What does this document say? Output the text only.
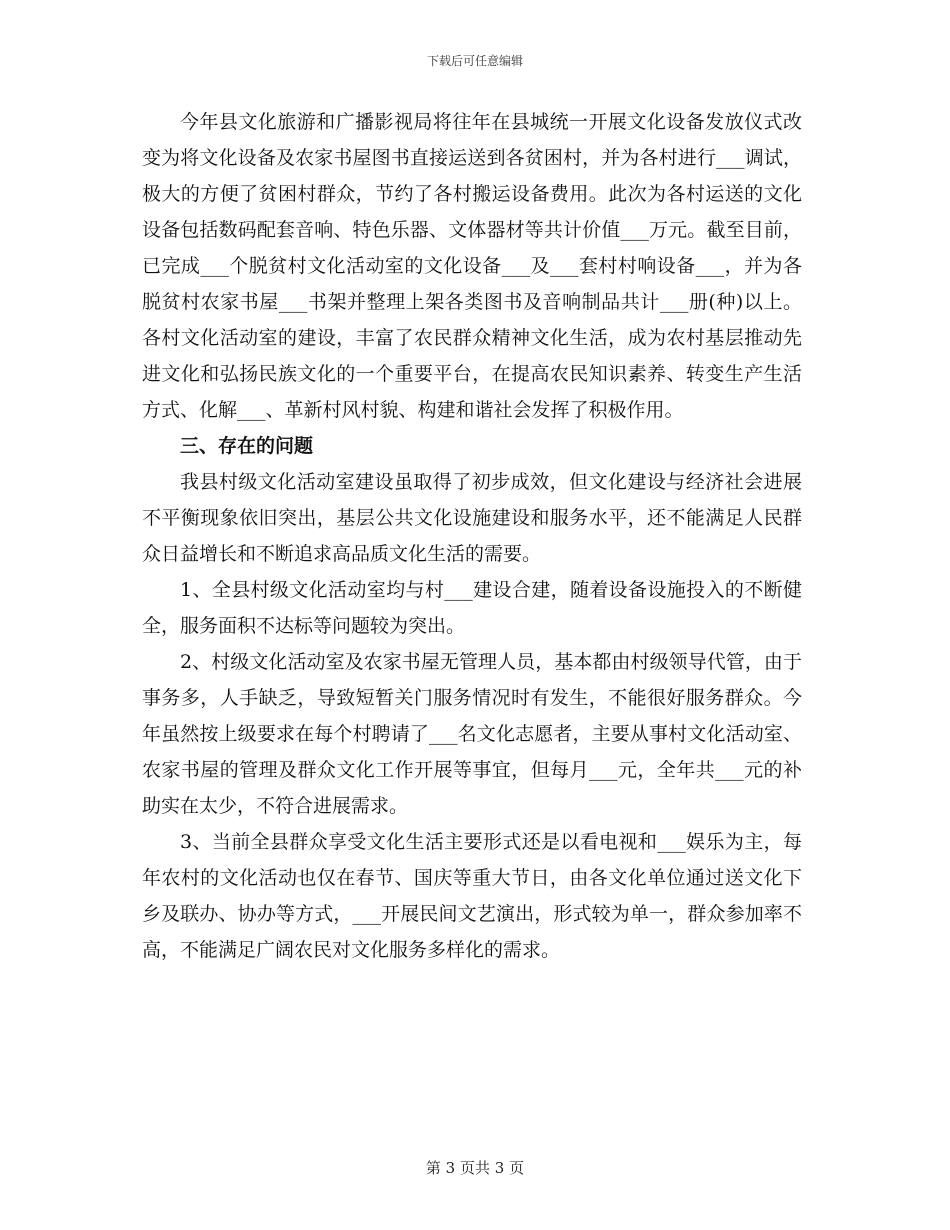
下载后可任意编辑

今年县文化旅游和广播影视局将往年在县城统一开展文化设备发放仪式改变为将文化设备及农家书屋图书直接运送到各贫困村，并为各村进行___调试，极大的方便了贫困村群众，节约了各村搬运设备费用。此次为各村运送的文化设备包括数码配套音响、特色乐器、文体器材等共计价值___万元。截至目前，已完成___个脱贫村文化活动室的文化设备___及___套村村响设备___，并为各脱贫村农家书屋___书架并整理上架各类图书及音响制品共计___册(种)以上。各村文化活动室的建设，丰富了农民群众精神文化生活，成为农村基层推动先进文化和弘扬民族文化的一个重要平台，在提高农民知识素养、转变生产生活方式、化解___、革新村风村貌、构建和谐社会发挥了积极作用。

三、存在的问题

我县村级文化活动室建设虽取得了初步成效，但文化建设与经济社会进展不平衡现象依旧突出，基层公共文化设施建设和服务水平，还不能满足人民群众日益增长和不断追求高品质文化生活的需要。

1、全县村级文化活动室均与村___建设合建，随着设备设施投入的不断健全，服务面积不达标等问题较为突出。

2、村级文化活动室及农家书屋无管理人员，基本都由村级领导代管，由于事务多，人手缺乏，导致短暂关门服务情况时有发生，不能很好服务群众。今年虽然按上级要求在每个村聘请了___名文化志愿者，主要从事村文化活动室、农家书屋的管理及群众文化工作开展等事宜，但每月___元，全年共___元的补助实在太少，不符合进展需求。

3、当前全县群众享受文化生活主要形式还是以看电视和___娱乐为主，每年农村的文化活动也仅在春节、国庆等重大节日，由各文化单位通过送文化下乡及联办、协办等方式，___开展民间文艺演出，形式较为单一，群众参加率不高，不能满足广阔农民对文化服务多样化的需求。

第 3 页共 3 页
